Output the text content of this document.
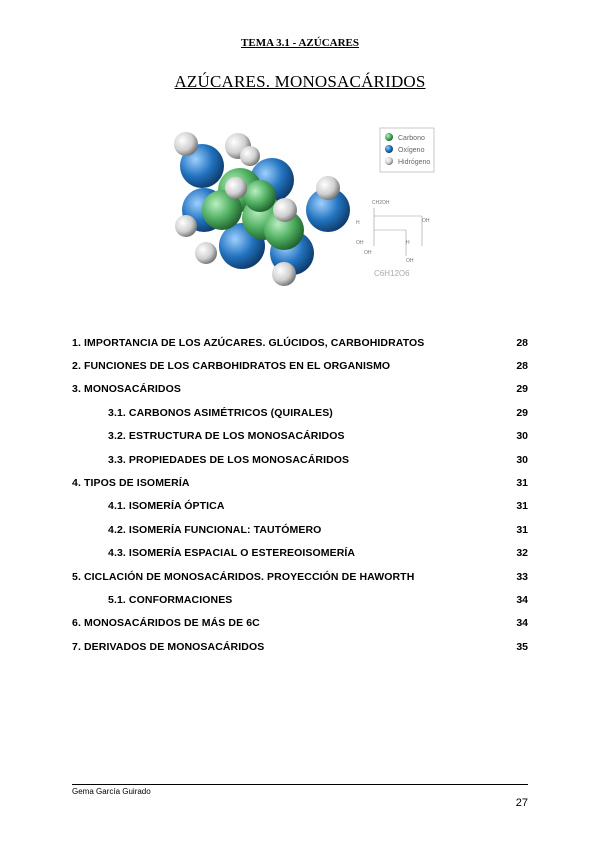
TEMA 3.1 - AZÚCARES
AZÚCARES. MONOSACÁRIDOS
Carbono
Oxígeno
Hidrógeno
CH2OH
H	OH
OH	H
OH
OH
C6H12O6
1. IMPORTANCIA DE LOS AZÚCARES. GLÚCIDOS, CARBOHIDRATOS	28
2. FUNCIONES DE LOS CARBOHIDRATOS EN EL ORGANISMO	28
3. MONOSACÁRIDOS	29
3.1. CARBONOS ASIMÉTRICOS (QUIRALES)	29
3.2. ESTRUCTURA DE LOS MONOSACÁRIDOS	30
3.3. PROPIEDADES DE LOS MONOSACÁRIDOS	30
4. TIPOS DE ISOMERÍA	31
4.1. ISOMERÍA ÓPTICA	31
4.2. ISOMERÍA FUNCIONAL: TAUTÓMERO	31
4.3. ISOMERÍA ESPACIAL O ESTEREOISOMERÍA	32
5. CICLACIÓN DE MONOSACÁRIDOS. PROYECCIÓN DE HAWORTH	33
5.1. CONFORMACIONES	34
6. MONOSACÁRIDOS DE MÁS DE 6C	34
7. DERIVADOS DE MONOSACÁRIDOS	35
Gema García Guirado
27
